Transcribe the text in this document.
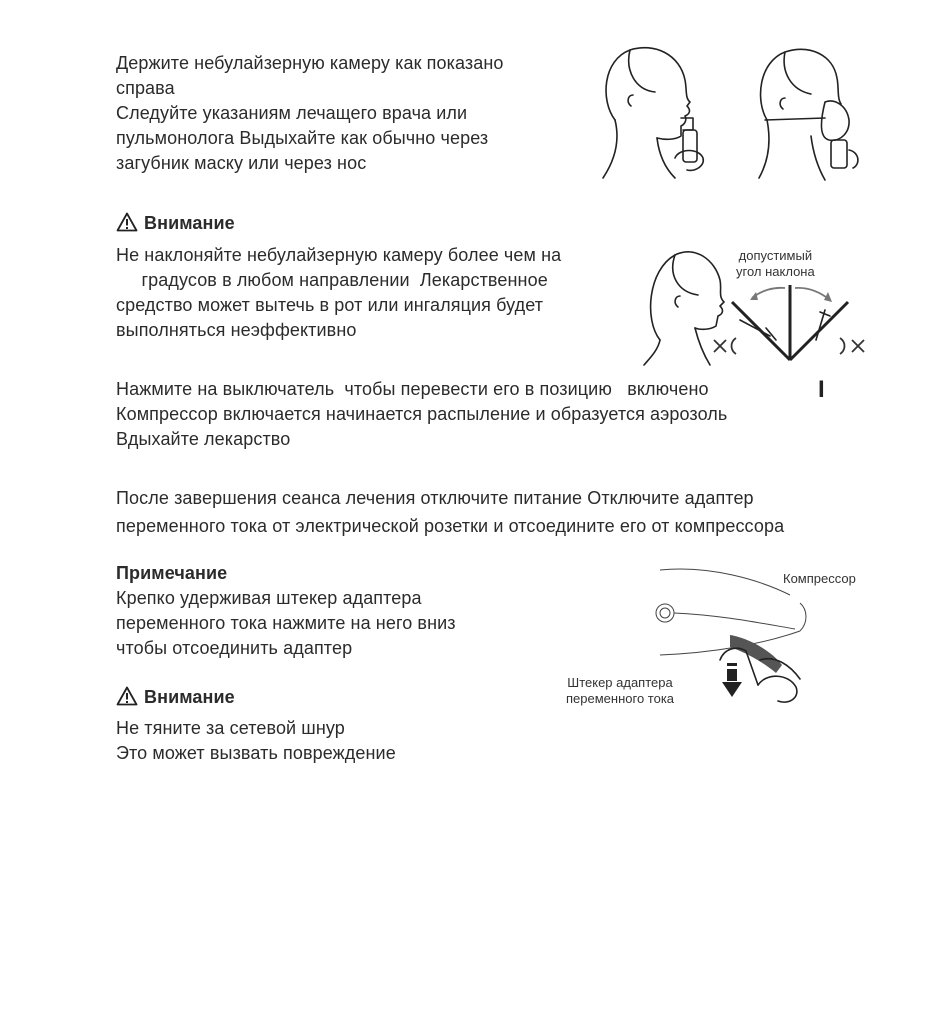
Держите небулайзерную камеру как показано
справа
Следуйте указаниям лечащего врача или
пульмонолога Выдыхайте как обычно через
загубник маску или через нос
Внимание
Не наклоняйте небулайзерную камеру более чем на
градусов в любом направлении  Лекарственное
средство может вытечь в рот или ингаляция будет
выполняться неэффективно
допустимый
угол наклона
Нажмите на выключатель  чтобы перевести его в позицию   включено
Компрессор включается начинается распыление и образуется аэрозоль
Вдыхайте лекарство
I
После завершения сеанса лечения отключите питание Отключите адаптер
переменного тока от электрической розетки и отсоедините его от компрессора
Примечание
Крепко удерживая штекер адаптера
переменного тока нажмите на него вниз
чтобы отсоединить адаптер
Компрессор
Штекер адаптера
переменного тока
Внимание
Не тяните за сетевой шнур
Это может вызвать повреждение
